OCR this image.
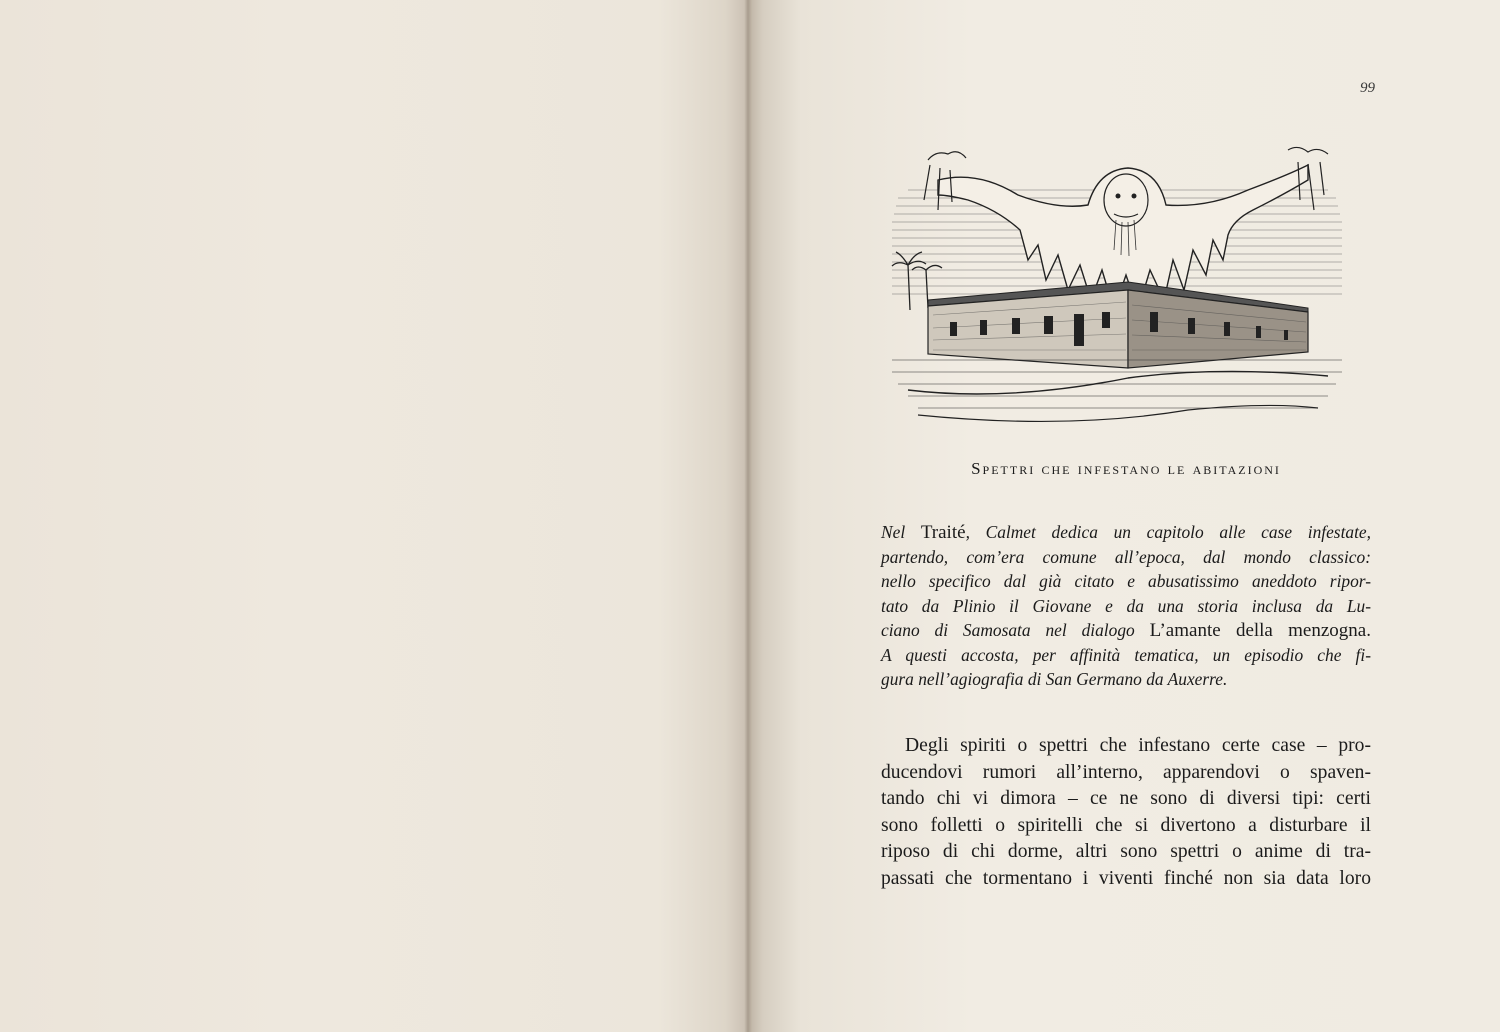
99
Spettri che infestano le abitazioni
Nel Traité, Calmet dedica un capitolo alle case infestate,
partendo, com’era comune all’epoca, dal mondo classico:
nello specifico dal già citato e abusatissimo aneddoto ripor-
tato da Plinio il Giovane e da una storia inclusa da Lu-
ciano di Samosata nel dialogo L’amante della menzogna.
A questi accosta, per affinità tematica, un episodio che fi-
gura nell’agiografia di San Germano da Auxerre.
Degli spiriti o spettri che infestano certe case – pro-
ducendovi rumori all’interno, apparendovi o spaven-
tando chi vi dimora – ce ne sono di diversi tipi: certi
sono folletti o spiritelli che si divertono a disturbare il
riposo di chi dorme, altri sono spettri o anime di tra-
passati che tormentano i viventi finché non sia data loro
